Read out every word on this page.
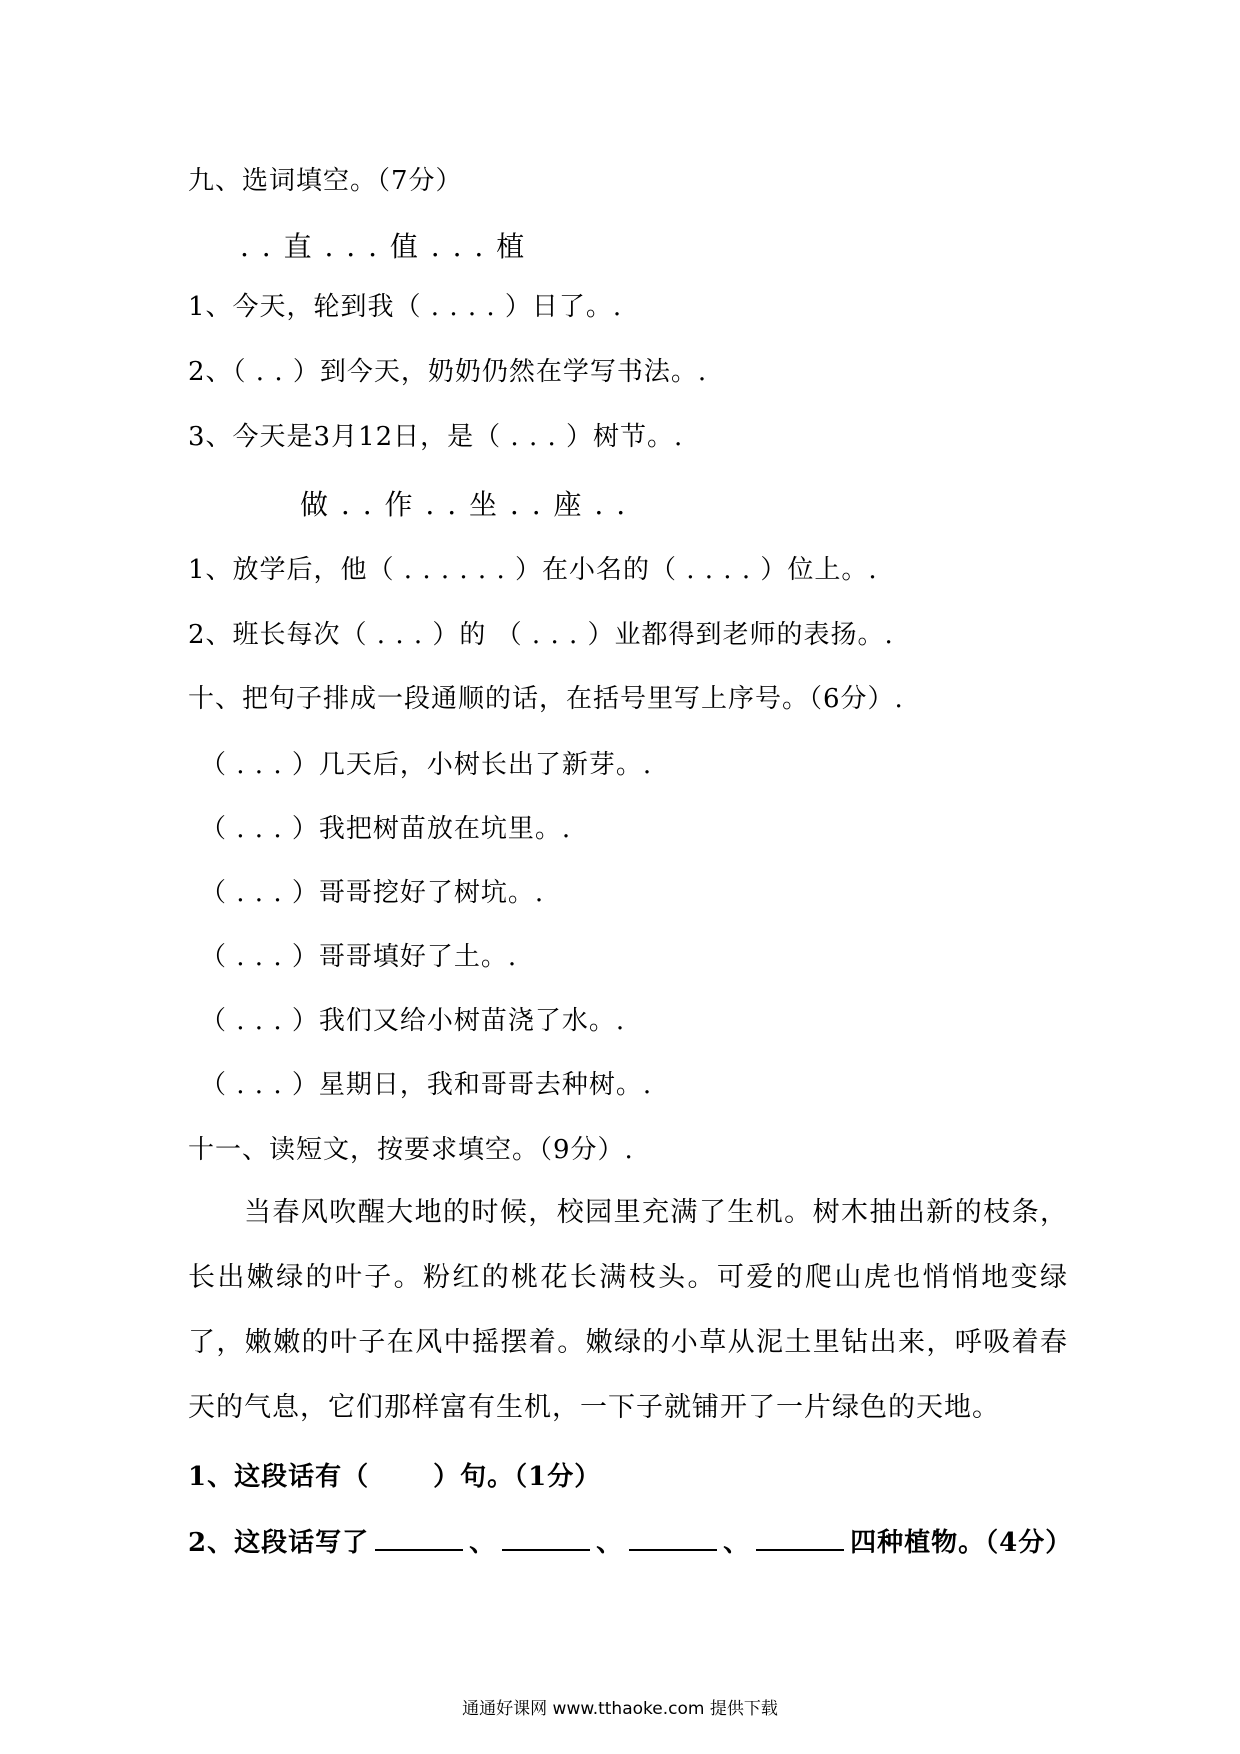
九、选词填空。（7分）
. . 直 . . . 值 . . . 植
1、今天，轮到我（ . . . . ）日了。.
2、（ . . ）到今天，奶奶仍然在学写书法。.
3、今天是3月12日，是（ . . . ）树节。.
做 . . 作 . . 坐 . . 座 . .
1、放学后，他（ . . . . . . ）在小名的（ . . . . ）位上。.
2、班长每次（ . . . ）的 （ . . . ）业都得到老师的表扬。.
十、把句子排成一段通顺的话，在括号里写上序号。（6分）.
（ . . . ）几天后，小树长出了新芽。.
（ . . . ）我把树苗放在坑里。.
（ . . . ）哥哥挖好了树坑。.
（ . . . ）哥哥填好了土。.
（ . . . ）我们又给小树苗浇了水。.
（ . . . ）星期日，我和哥哥去种树。.
十一、读短文，按要求填空。（9分）.
当春风吹醒大地的时候，校园里充满了生机。树木抽出新的枝条，长出嫩绿的叶子。粉红的桃花长满枝头。可爱的爬山虎也悄悄地变绿了，嫩嫩的叶子在风中摇摆着。嫩绿的小草从泥土里钻出来，呼吸着春天的气息，它们那样富有生机，一下子就铺开了一片绿色的天地。
1、这段话有（　　 ）句。（1分）
2、这段话写了	、	、	、	四种植物。（4分）
通通好课网 www.tthaoke.com 提供下载
